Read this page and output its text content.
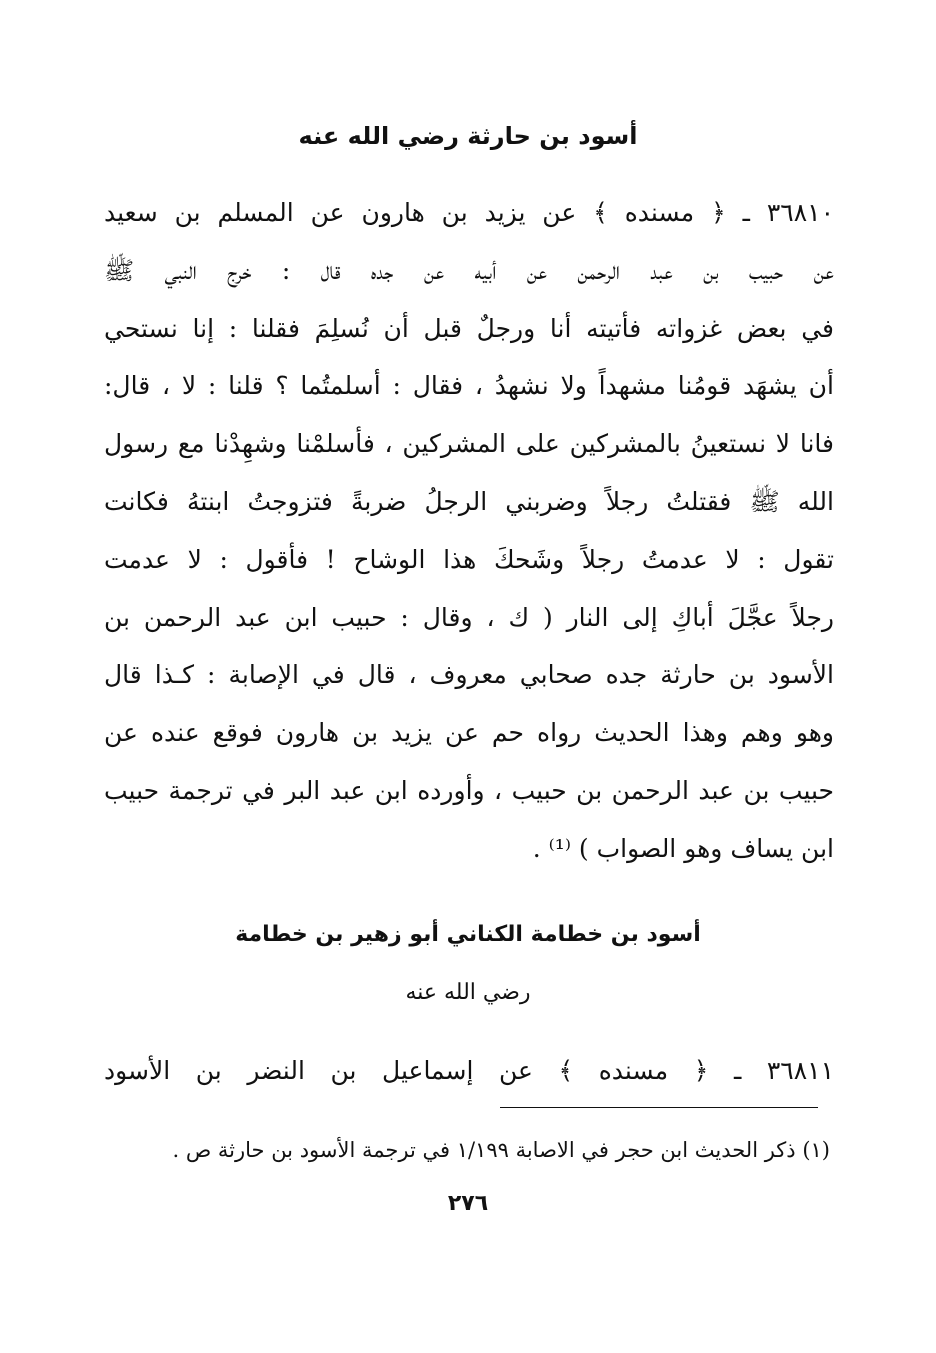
أسود بن حارثة رضي الله عنه
٣٦٨١٠ ـ ﴿ مسنده ﴾ عن يزيد بن هارون عن المسلم بن سعيد
عن حبيب بن عبد الرحمن عن أبيه عن جده قال : خرج النبي ﷺ
في بعض غزواته فأتيته أنا ورجلٌ قبل أن نُسلِمَ فقلنا : إنا نستحي
أن يشهَد قومُنا مشهداً ولا نشهدُ ، فقال : أسلمتُما ؟ قلنا : لا ، قال:
فانا لا نستعينُ بالمشركين على المشركين ، فأسلمْنا وشهِدْنا مع رسول
الله ﷺ فقتلتُ رجلاً وضربني الرجلُ ضربةً فتزوجتُ ابنتهُ فكانت
تقول : لا عدمتُ رجلاً وشَحكَ هذا الوشاح ! فأقول : لا عدمت
رجلاً عجَّلَ أباكِ إلى النار ( ك ، وقال : حبيب ابن عبد الرحمن بن
الأسود بن حارثة جده صحابي معروف ، قال في الإصابة : كـذا قال
وهو وهم وهذا الحديث رواه حم عن يزيد بن هارون فوقع عنده عن
حبيب بن عبد الرحمن بن حبيب ، وأورده ابن عبد البر في ترجمة حبيب
ابن يساف وهو الصواب ) ⁽¹⁾ .
أسود بن خطامة الكناني أبو زهير بن خطامة
رضي الله عنه
٣٦٨١١ ـ ﴿ مسنده ﴾ عن إسماعيل بن النضر بن الأسود
(١) ذكر الحديث ابن حجر في الاصابة ١/١٩٩ في ترجمة الأسود بن حارثة ص .
٢٧٦
